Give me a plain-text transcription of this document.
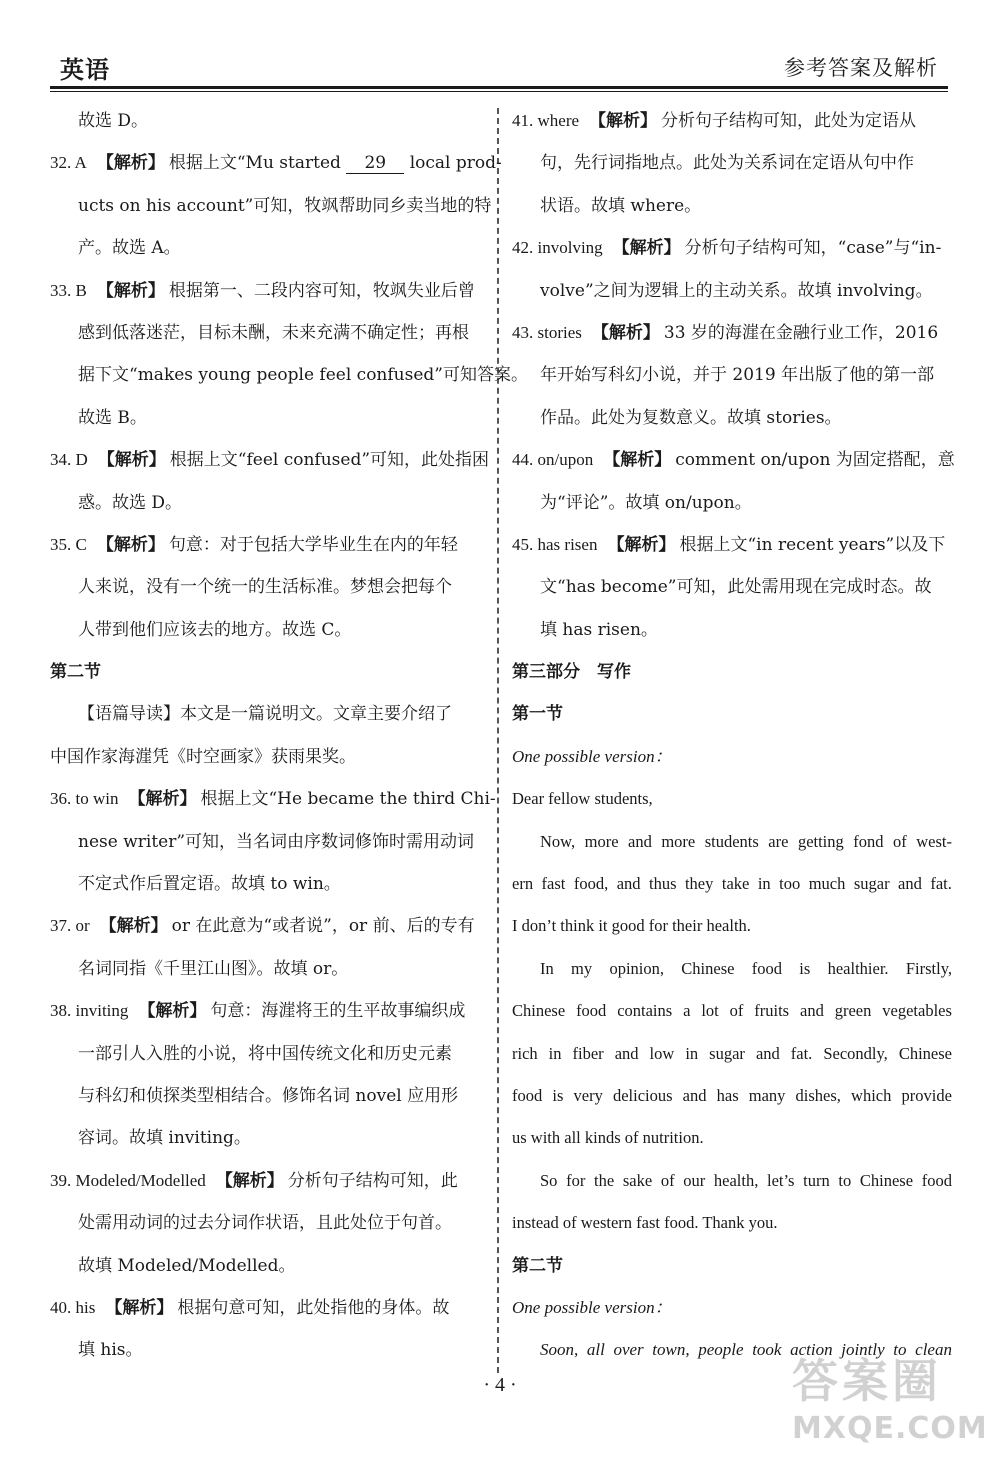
英语	参考答案及解析
故选 D。
32. A 【解析】 根据上文“Mu started 29 local prod-
ucts on his account”可知，牧飒帮助同乡卖当地的特
产。故选 A。
33. B 【解析】 根据第一、二段内容可知，牧飒失业后曾
感到低落迷茫，目标未酬，未来充满不确定性；再根
据下文“makes young people feel confused”可知答案。
故选 B。
34. D 【解析】 根据上文“feel confused”可知，此处指困
惑。故选 D。
35. C 【解析】 句意：对于包括大学毕业生在内的年轻
人来说，没有一个统一的生活标准。梦想会把每个
人带到他们应该去的地方。故选 C。
第二节
【语篇导读】本文是一篇说明文。文章主要介绍了
中国作家海漄凭《时空画家》获雨果奖。
36. to win 【解析】 根据上文“He became the third Chi-
nese writer”可知，当名词由序数词修饰时需用动词
不定式作后置定语。故填 to win。
37. or 【解析】 or 在此意为“或者说”，or 前、后的专有
名词同指《千里江山图》。故填 or。
38. inviting 【解析】 句意：海漄将王的生平故事编织成
一部引人入胜的小说，将中国传统文化和历史元素
与科幻和侦探类型相结合。修饰名词 novel 应用形
容词。故填 inviting。
39. Modeled/Modelled 【解析】 分析句子结构可知，此
处需用动词的过去分词作状语，且此处位于句首。
故填 Modeled/Modelled。
40. his 【解析】 根据句意可知，此处指他的身体。故
填 his。
41. where 【解析】 分析句子结构可知，此处为定语从
句，先行词指地点。此处为关系词在定语从句中作
状语。故填 where。
42. involving 【解析】 分析句子结构可知，“case”与“in-
volve”之间为逻辑上的主动关系。故填 involving。
43. stories 【解析】 33 岁的海漄在金融行业工作，2016
年开始写科幻小说，并于 2019 年出版了他的第一部
作品。此处为复数意义。故填 stories。
44. on/upon 【解析】 comment on/upon 为固定搭配，意
为“评论”。故填 on/upon。
45. has risen 【解析】 根据上文“in recent years”以及下
文“has become”可知，此处需用现在完成时态。故
填 has risen。
第三部分　写作
第一节
One possible version：
Dear fellow students,
Now, more and more students are getting fond of west-
ern fast food, and thus they take in too much sugar and fat.
I don’t think it good for their health.
In my opinion, Chinese food is healthier. Firstly,
Chinese food contains a lot of fruits and green vegetables
rich in fiber and low in sugar and fat. Secondly, Chinese
food is very delicious and has many dishes, which provide
us with all kinds of nutrition.
So for the sake of our health, let’s turn to Chinese food
instead of western fast food. Thank you.
第二节
One possible version：
Soon, all over town, people took action jointly to clean
· 4 ·	答案圈
MXQE.COM
